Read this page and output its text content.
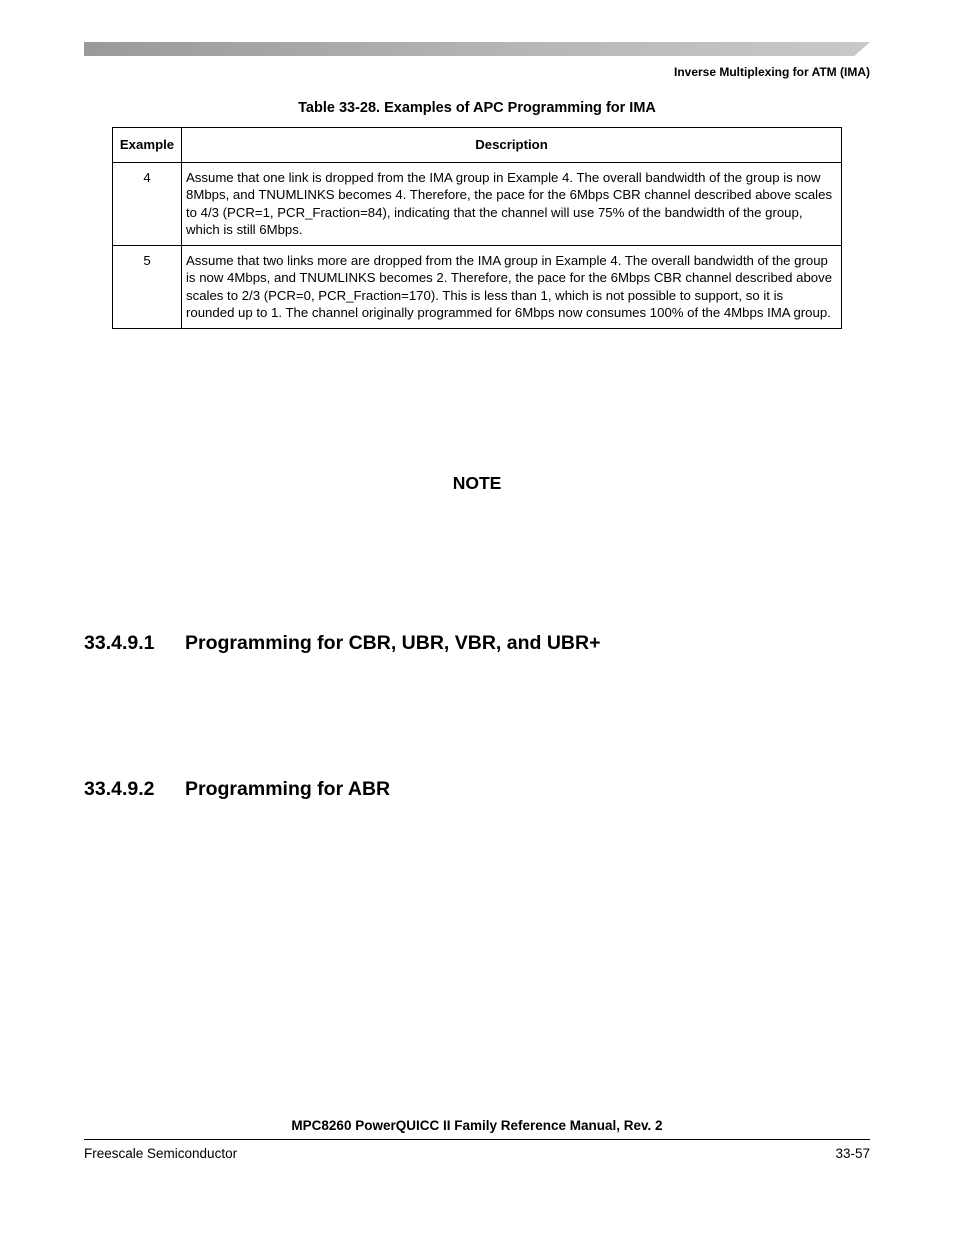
Inverse Multiplexing for ATM (IMA)
Table 33-28. Examples of APC Programming for IMA
Example	Description
4	Assume that one link is dropped from the IMA group in Example 4. The overall bandwidth of the group is now 8Mbps, and TNUMLINKS becomes 4. Therefore, the pace for the 6Mbps CBR channel described above scales to 4/3 (PCR=1, PCR_Fraction=84), indicating that the channel will use 75% of the bandwidth of the group, which is still 6Mbps.
5	Assume that two links more are dropped from the IMA group in Example 4. The overall bandwidth of the group is now 4Mbps, and TNUMLINKS becomes 2. Therefore, the pace for the 6Mbps CBR channel described above scales to 2/3 (PCR=0, PCR_Fraction=170). This is less than 1, which is not possible to support, so it is rounded up to 1. The channel originally programmed for 6Mbps now consumes 100% of the 4Mbps IMA group.
NOTE
33.4.9.1 Programming for CBR, UBR, VBR, and UBR+
33.4.9.2 Programming for ABR
MPC8260 PowerQUICC II Family Reference Manual, Rev. 2
Freescale Semiconductor	33-57
